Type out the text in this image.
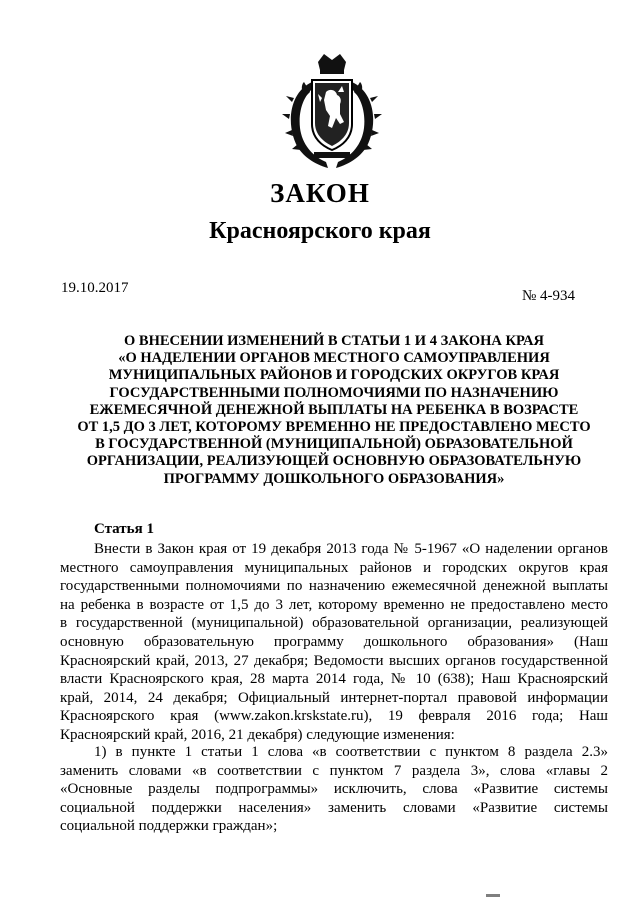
ЗАКОН
Красноярского края
19.10.2017	№ 4-934
О ВНЕСЕНИИ ИЗМЕНЕНИЙ В СТАТЬИ 1 И 4 ЗАКОНА КРАЯ
«О НАДЕЛЕНИИ ОРГАНОВ МЕСТНОГО САМОУПРАВЛЕНИЯ
МУНИЦИПАЛЬНЫХ РАЙОНОВ И ГОРОДСКИХ ОКРУГОВ КРАЯ
ГОСУДАРСТВЕННЫМИ ПОЛНОМОЧИЯМИ ПО НАЗНАЧЕНИЮ
ЕЖЕМЕСЯЧНОЙ ДЕНЕЖНОЙ ВЫПЛАТЫ НА РЕБЕНКА В ВОЗРАСТЕ
ОТ 1,5 ДО 3 ЛЕТ, КОТОРОМУ ВРЕМЕННО НЕ ПРЕДОСТАВЛЕНО МЕСТО
В ГОСУДАРСТВЕННОЙ (МУНИЦИПАЛЬНОЙ) ОБРАЗОВАТЕЛЬНОЙ
ОРГАНИЗАЦИИ, РЕАЛИЗУЮЩЕЙ ОСНОВНУЮ ОБРАЗОВАТЕЛЬНУЮ
ПРОГРАММУ ДОШКОЛЬНОГО ОБРАЗОВАНИЯ»
Статья 1
Внести в Закон края от 19 декабря 2013 года № 5-1967 «О наделении органов
местного самоуправления муниципальных районов и городских округов края
государственными полномочиями по назначению ежемесячной денежной выплаты
на ребенка в возрасте от 1,5 до 3 лет, которому временно не предоставлено место
в государственной (муниципальной) образовательной организации, реализующей
основную образовательную программу дошкольного образования» (Наш
Красноярский край, 2013, 27 декабря; Ведомости высших органов государственной
власти Красноярского края, 28 марта 2014 года, № 10 (638); Наш Красноярский
край, 2014, 24 декабря; Официальный интернет-портал правовой информации
Красноярского края (www.zakon.krskstate.ru), 19 февраля 2016 года; Наш
Красноярский край, 2016, 21 декабря) следующие изменения:
1) в пункте 1 статьи 1 слова «в соответствии с пунктом 8 раздела 2.3»
заменить словами «в соответствии с пунктом 7 раздела 3», слова «главы 2
«Основные разделы подпрограммы» исключить, слова «Развитие системы
социальной поддержки населения» заменить словами «Развитие системы
социальной поддержки граждан»;
